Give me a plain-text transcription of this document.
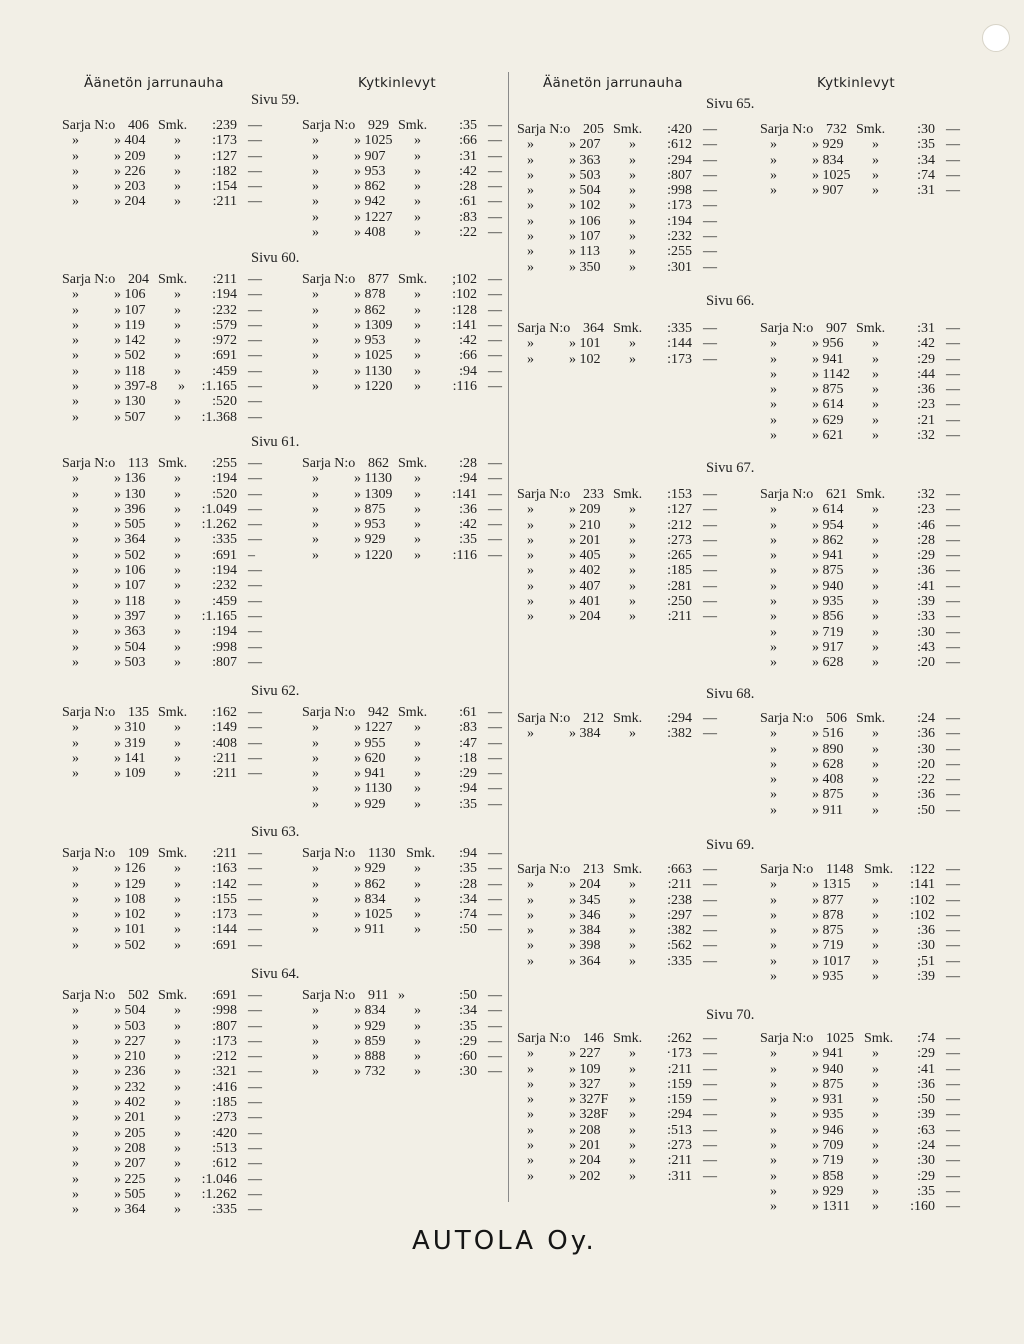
Äänetön jarrunauha	Kytkinlevyt	Äänetön jarrunauha	Kytkinlevyt
Sivu 59.
Sarja N:o 406 Smk. 239: —
»	» 404 » 173: —
»	» 209 » 127: —
»	» 226 » 182: —
»	» 203 » 154: —
»	» 204 » 211: —
Sarja N:o 929 Smk. 35: —
»	» 1025 »	66: —
»	» 907 »	31: —
»	» 953 »	42: —
»	» 862 »	28: —
»	» 942 »	61: —
»	» 1227 »	83: —
»	» 408 »	22: —
Sivu 60.
Sarja N:o 204 Smk. 211: —
»	» 106 » 194: —
»	» 107 » 232: —
»	» 119 » 579: —
»	» 142 » 972: —
»	» 502 » 691: —
»	» 118 » 459: —
»	» 397-8 » 1.165: —
»	» 130 » 520: —
»	» 507 » 1.368: —
Sarja N:o 877 Smk. 102; —
»	» 878 » 102: —
»	» 862 » 128: —
»	» 1309 » 141: —
»	» 953 »	42: —
»	» 1025 »	66: —
»	» 1130 »	94: —
»	» 1220 » 116: —
Sivu 61.
Sarja N:o 113 Smk. 255: —
»	» 136 » 194: —
»	» 130 » 520: —
»	» 396 » 1.049: —
»	» 505 » 1.262: —
»	» 364 » 335: —
»	» 502 » 691: –
»	» 106 » 194: —
»	» 107 » 232: —
»	» 118 » 459: —
»	» 397 » 1.165: —
»	» 363 » 194: —
»	» 504 » 998: —
»	» 503 » 807: —
Sarja N:o 862 Smk. 28: —
»	» 1130 »	94: —
»	» 1309 » 141: —
»	» 875 »	36: —
»	» 953 »	42: —
»	» 929 »	35: —
»	» 1220 » 116: —
Sivu 62.
Sarja N:o 135 Smk. 162: —
»	» 310 » 149: —
»	» 319 » 408: —
»	» 141 » 211: —
»	» 109 » 211: —
Sarja N:o 942 Smk. 61: —
»	» 1227 »	83: —
»	» 955 »	47: —
»	» 620 »	18: —
»	» 941 »	29: —
»	» 1130 »	94: —
»	» 929 »	35: —
Sivu 63.
Sarja N:o 109 Smk. 211: —
»	» 126 » 163: —
»	» 129 » 142: —
»	» 108 » 155: —
»	» 102 » 173: —
»	» 101 » 144: —
»	» 502 » 691: —
Sarja N:o 1130 Smk. 94: —
»	» 929 »	35: —
»	» 862 »	28: —
»	» 834 »	34: —
»	» 1025 »	74: —
»	» 911 »	50: —
Sivu 64.
Sarja N:o 502 Smk. 691: —
»	» 504 » 998: —
»	» 503 » 807: —
»	» 227 » 173: —
»	» 210 » 212: —
»	» 236 » 321: —
»	» 232 » 416: —
»	» 402 » 185: —
»	» 201 » 273: —
»	» 205 » 420: —
»	» 208 » 513: —
»	» 207 » 612: —
»	» 225 » 1.046: —
»	» 505 » 1.262: —
»	» 364 » 335: —
Sarja N:o 911 »	50: —
»	» 834 »	34: —
»	» 929 »	35: —
»	» 859 »	29: —
»	» 888 »	60: —
»	» 732 »	30: —
Sivu 65.
Sarja N:o 205 Smk. 420: —
»	» 207 » 612: —
»	» 363 » 294: —
»	» 503 » 807: —
»	» 504 » 998: —
»	» 102 » 173: —
»	» 106 » 194: —
»	» 107 » 232: —
»	» 113 » 255: —
»	» 350 » 301: —
Sarja N:o 732 Smk. 30: —
»	» 929 »	35: —
»	» 834 »	34: —
»	» 1025 »	74: —
»	» 907 »	31: —
Sivu 66.
Sarja N:o 364 Smk. 335: —
»	» 101 » 144: —
»	» 102 » 173: —
Sarja N:o 907 Smk. 31: —
»	» 956 »	42: —
»	» 941 »	29: —
»	» 1142 »	44: —
»	» 875 »	36: —
»	» 614 »	23: —
»	» 629 »	21: —
»	» 621 »	32: —
Sivu 67.
Sarja N:o 233 Smk. 153: —
»	» 209 » 127: —
»	» 210 » 212: —
»	» 201 » 273: —
»	» 405 » 265: —
»	» 402 » 185: —
»	» 407 » 281: —
»	» 401 » 250: —
»	» 204 » 211: —
Sarja N:o 621 Smk. 32: —
»	» 614 »	23: —
»	» 954 »	46: —
»	» 862 »	28: —
»	» 941 »	29: —
»	» 875 »	36: —
»	» 940 »	41: —
»	» 935 »	39: —
»	» 856 »	33: —
»	» 719 »	30: —
»	» 917 »	43: —
»	» 628 »	20: —
Sivu 68.
Sarja N:o 212 Smk. 294: —
»	» 384 » 382: —
Sarja N:o 506 Smk. 24: —
»	» 516 »	36: —
»	» 890 »	30: —
»	» 628 »	20: —
»	» 408 »	22: —
»	» 875 »	36: —
»	» 911 »	50: —
Sivu 69.
Sarja N:o 213 Smk. 663: —
»	» 204 » 211: —
»	» 345 » 238: —
»	» 346 » 297: —
»	» 384 » 382: —
»	» 398 » 562: —
»	» 364 » 335: —
Sarja N:o 1148 Smk. 122: —
»	» 1315 » 141: —
»	» 877 » 102: —
»	» 878 » 102: —
»	» 875 »	36: —
»	» 719 »	30: —
»	» 1017 »	51; —
»	» 935 »	39: —
Sivu 70.
Sarja N:o 146 Smk. 262: —
»	» 227 » 173· —
»	» 109 » 211: —
»	» 327 » 159: —
»	» 327F » 159: —
»	» 328F » 294: —
»	» 208 » 513: —
»	» 201 » 273: —
»	» 204 » 211: —
»	» 202 » 311: —
Sarja N:o 1025 Smk. 74: —
»	» 941 »	29: —
»	» 940 »	41: —
»	» 875 »	36: —
»	» 931 »	50: —
»	» 935 »	39: —
»	» 946 »	63: —
»	» 709 »	24: —
»	» 719 »	30: —
»	» 858 »	29: —
»	» 929 »	35: —
»	» 1311 » 160: —
AUTOLA Oy.
